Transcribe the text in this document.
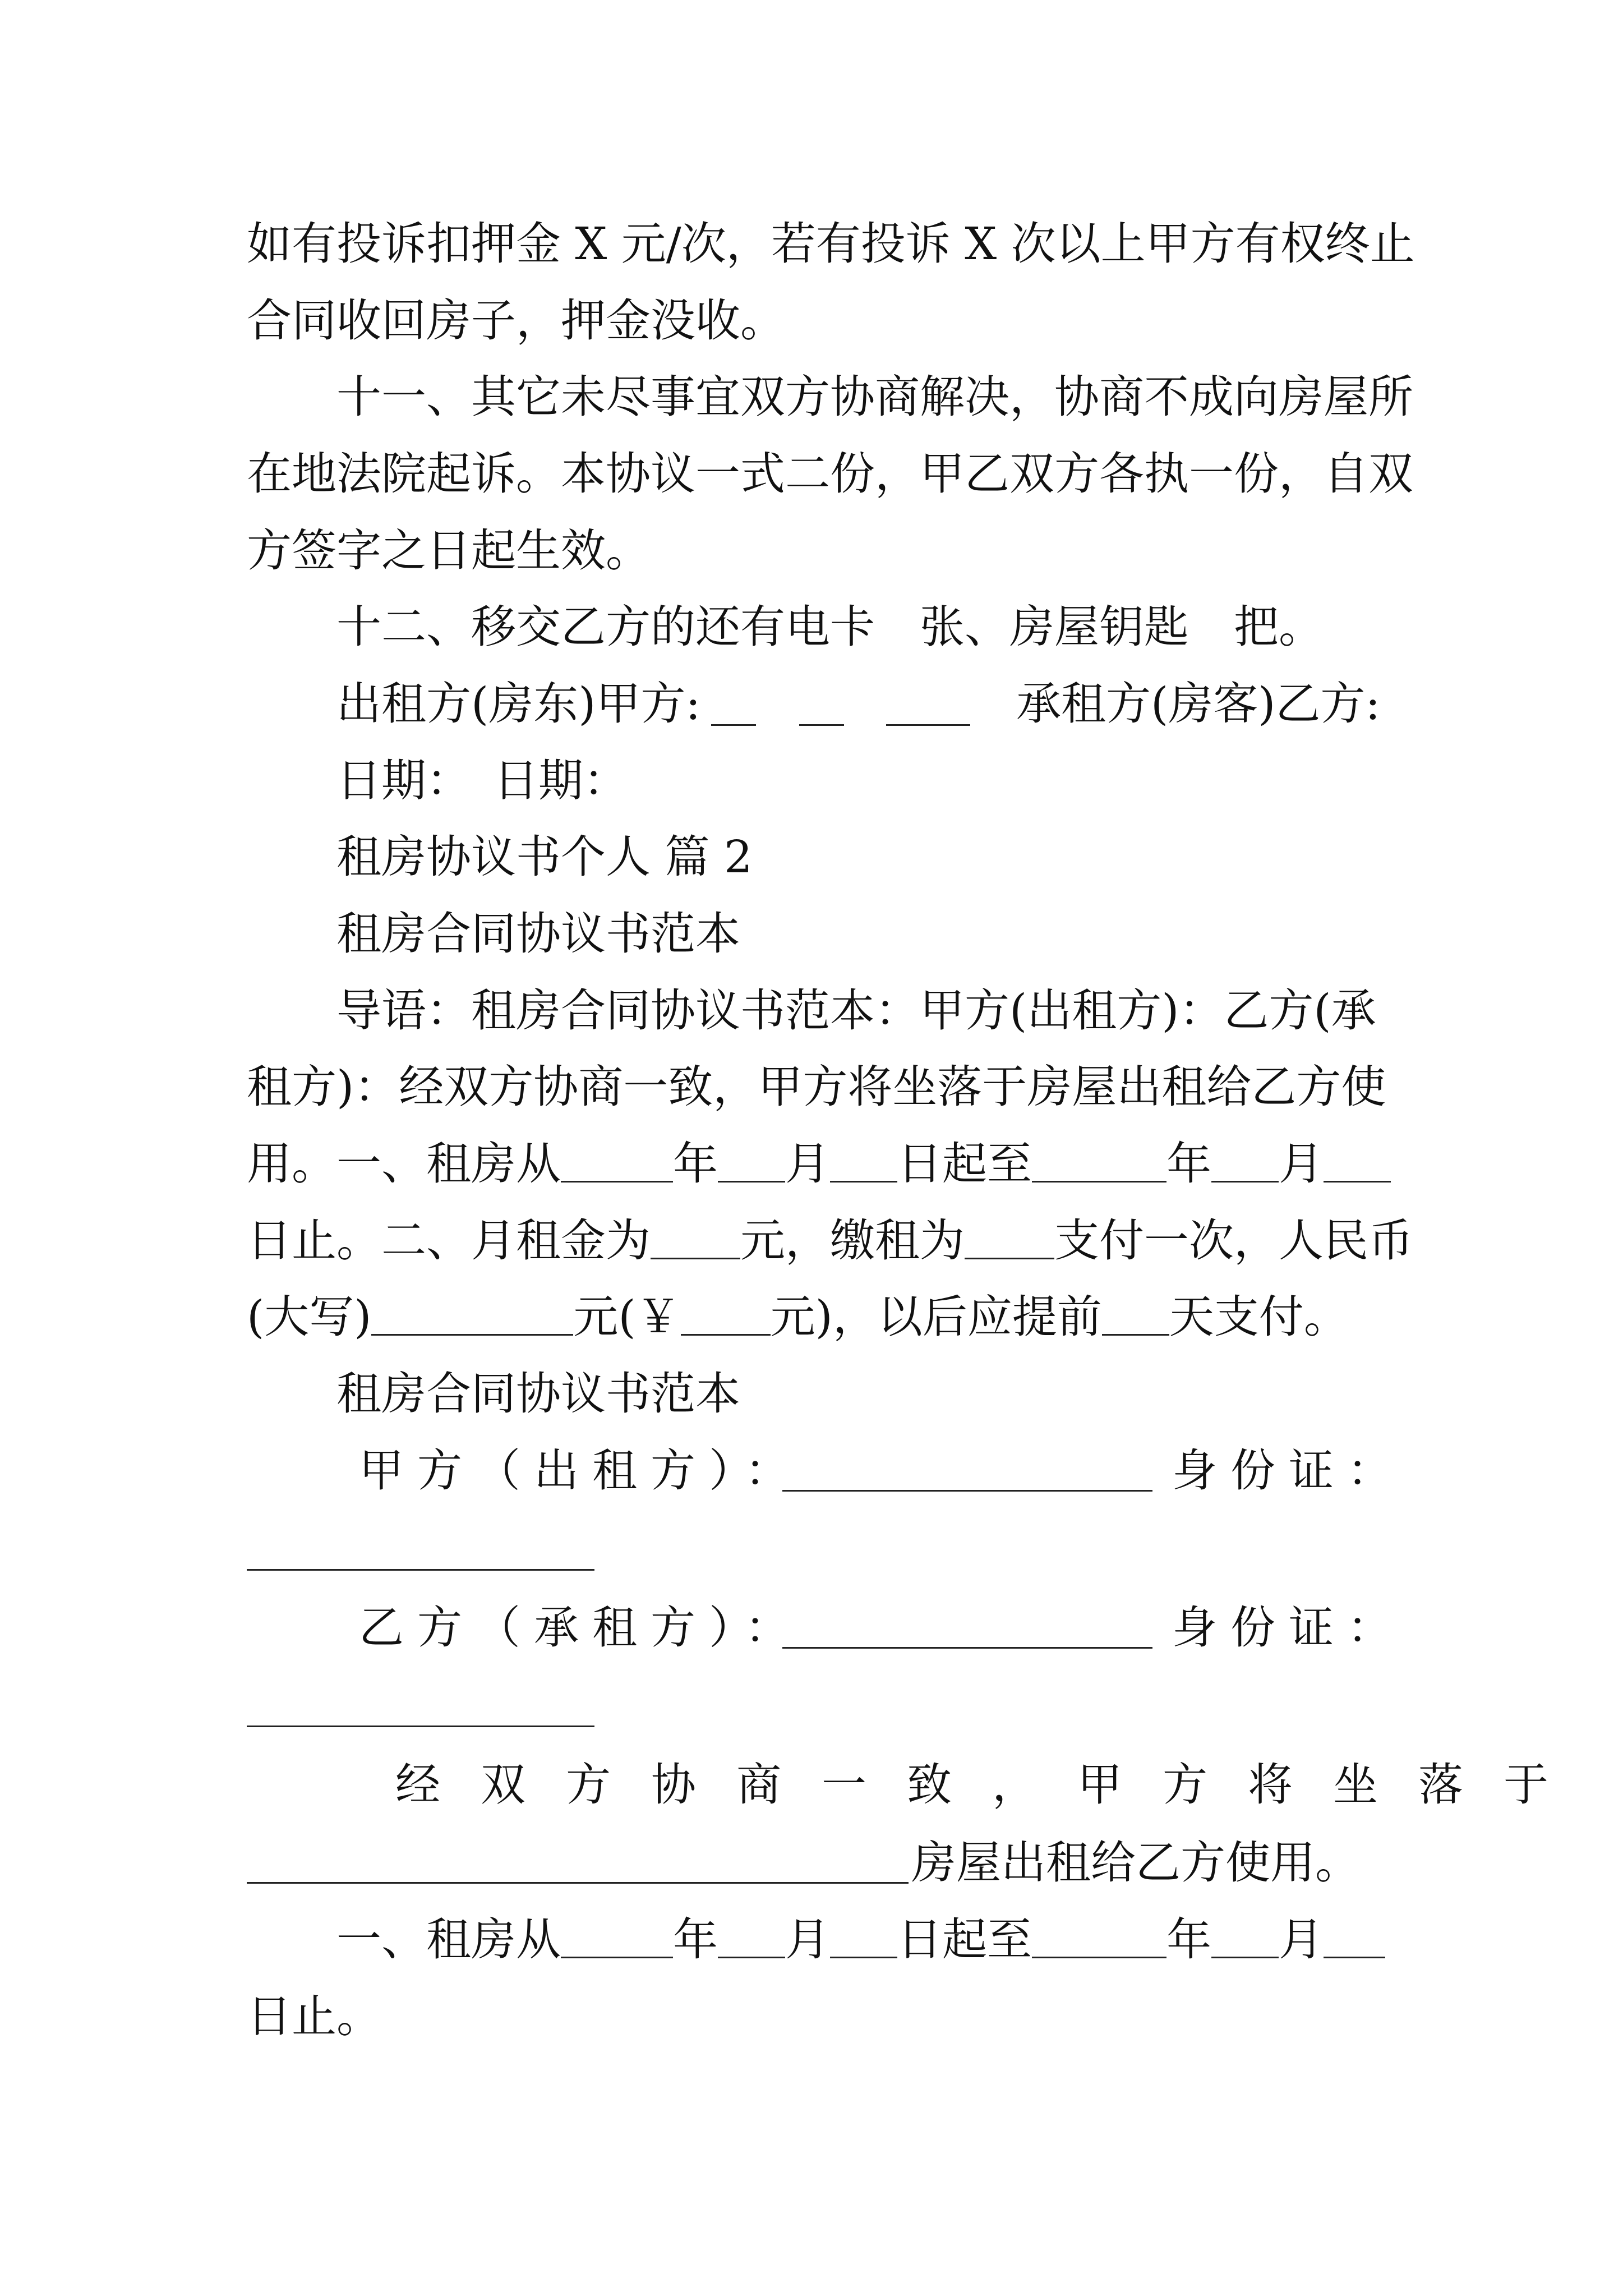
如有投诉扣押金 X 元/次，若有投诉 X 次以上甲方有权终止
合同收回房子，押金没收。
十一、其它未尽事宜双方协商解决，协商不成向房屋所
在地法院起诉。本协议一式二份，甲乙双方各执一份，自双
方签字之日起生效。
十二、移交乙方的还有电卡　张、房屋钥匙　把。
出租方(房东)甲方:	承租方(房客)乙方:
日期：　日期：
租房协议书个人 篇 2
租房合同协议书范本
导语：租房合同协议书范本：甲方(出租方)：乙方(承
租方)：经双方协商一致，甲方将坐落于房屋出租给乙方使
用。一、租房从	年 月 日起至	年 月
日止。二、月租金为 元，缴租为 支付一次，人民币
(大写)	元(￥ 元)，以后应提前 天支付。
租房合同协议书范本
甲方（出租方）：	身份证：
乙方（承租方）：	身份证：
经双方协商一致，甲方将坐落于
房屋出租给乙方使用。
一、租房从	年 月 日起至	年 月
日止。
